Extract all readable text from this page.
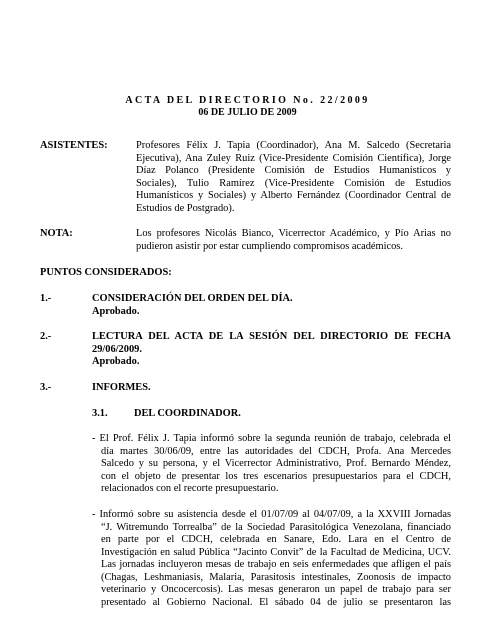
ACTA DEL DIRECTORIO No. 22/2009
06 DE JULIO DE 2009
ASISTENTES:	Profesores Félix J. Tapia (Coordinador), Ana M. Salcedo (Secretaria
Ejecutiva), Ana Zuley Ruiz (Vice-Presidente Comisión Científica), Jorge
Díaz Polanco (Presidente Comisión de Estudios Humanísticos y
Sociales), Tulio Ramírez (Vice-Presidente Comisión de Estudios
Humanísticos y Sociales) y Alberto Fernández (Coordinador Central de
Estudios de Postgrado).
NOTA:	Los profesores Nicolás Bianco, Vicerrector Académico, y Pío Arias no
pudieron asistir por estar cumpliendo compromisos académicos.
PUNTOS CONSIDERADOS:
1.-	CONSIDERACIÓN DEL ORDEN DEL DÍA.
Aprobado.
2.-	LECTURA DEL ACTA DE LA SESIÓN DEL DIRECTORIO DE FECHA
29/06/2009.
Aprobado.
3.-	INFORMES.
3.1.	DEL COORDINADOR.
- El Prof. Félix J. Tapia informó sobre la segunda reunión de trabajo, celebrada el
día martes 30/06/09, entre las autoridades del CDCH, Profa. Ana Mercedes
Salcedo y su persona, y el Vicerrector Administrativo, Prof. Bernardo Méndez,
con el objeto de presentar los tres escenarios presupuestarios para el CDCH,
relacionados con el recorte presupuestario.
- Informó sobre su asistencia desde el 01/07/09 al 04/07/09, a la XXVIII Jornadas
“J. Witremundo Torrealba” de la Sociedad Parasitológica Venezolana, financiado
en parte por el CDCH, celebrada en Sanare, Edo. Lara en el Centro de
Investigación en salud Pública “Jacinto Convit” de la Facultad de Medicina, UCV.
Las jornadas incluyeron mesas de trabajo en seis enfermedades que afligen el país
(Chagas, Leshmaniasis, Malaria, Parasitosis intestinales, Zoonosis de impacto
veterinario y Oncocercosis). Las mesas generaron un papel de trabajo para ser
presentado al Gobierno Nacional. El sábado 04 de julio se presentaron las
